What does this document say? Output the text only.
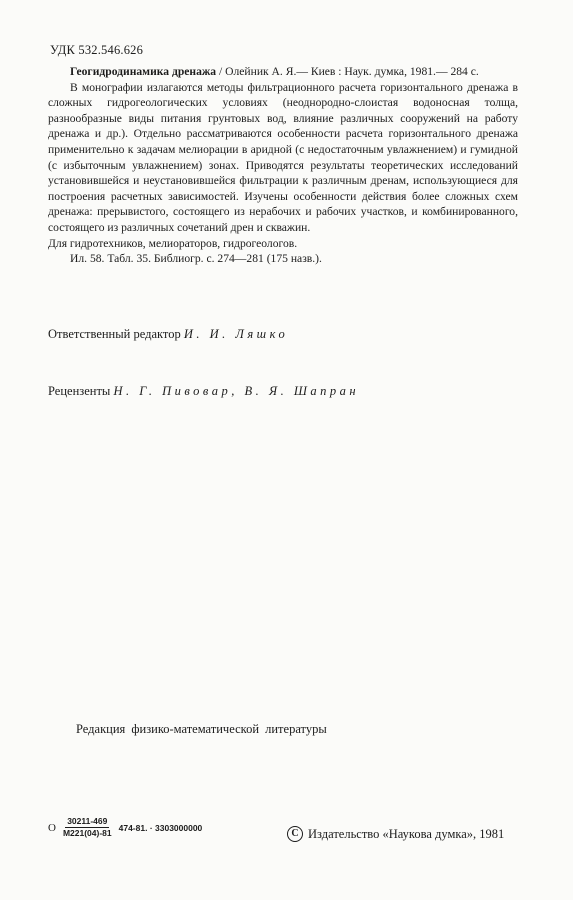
УДК 532.546.626

Геогидродинамика дренажа / Олейник А. Я.— Киев : Наук. думка, 1981.— 284 с.

В монографии излагаются методы фильтрационного расчета горизонтального дренажа в сложных гидрогеологических условиях (неоднородно-слоистая водоносная толща, разнообразные виды питания грунтовых вод, влияние различных сооружений на работу дренажа и др.). Отдельно рассматриваются особенности расчета горизонтального дренажа применительно к задачам мелиорации в аридной (с недостаточным увлажнением) и гумидной (с избыточным увлажнением) зонах. Приводятся результаты теоретических исследований установившейся и неустановившейся фильтрации к различным дренам, использующиеся для построения расчетных зависимостей. Изучены особенности действия более сложных схем дренажа: прерывистого, состоящего из нерабочих и рабочих участков, и комбинированного, состоящего из различных сочетаний дрен и скважин.

Для гидротехников, мелиораторов, гидрогеологов.

Ил. 58. Табл. 35. Библиогр. с. 274—281 (175 назв.).

Ответственный редактор И. И. Ляшко
Рецензенты Н. Г. Пивовар, В. Я. Шапран
Редакция физико-математической литературы
О $\frac{30211-469}{М221(04)-81} 474-81$. · 3303000000
C Издательство «Наукова думка», 1981
